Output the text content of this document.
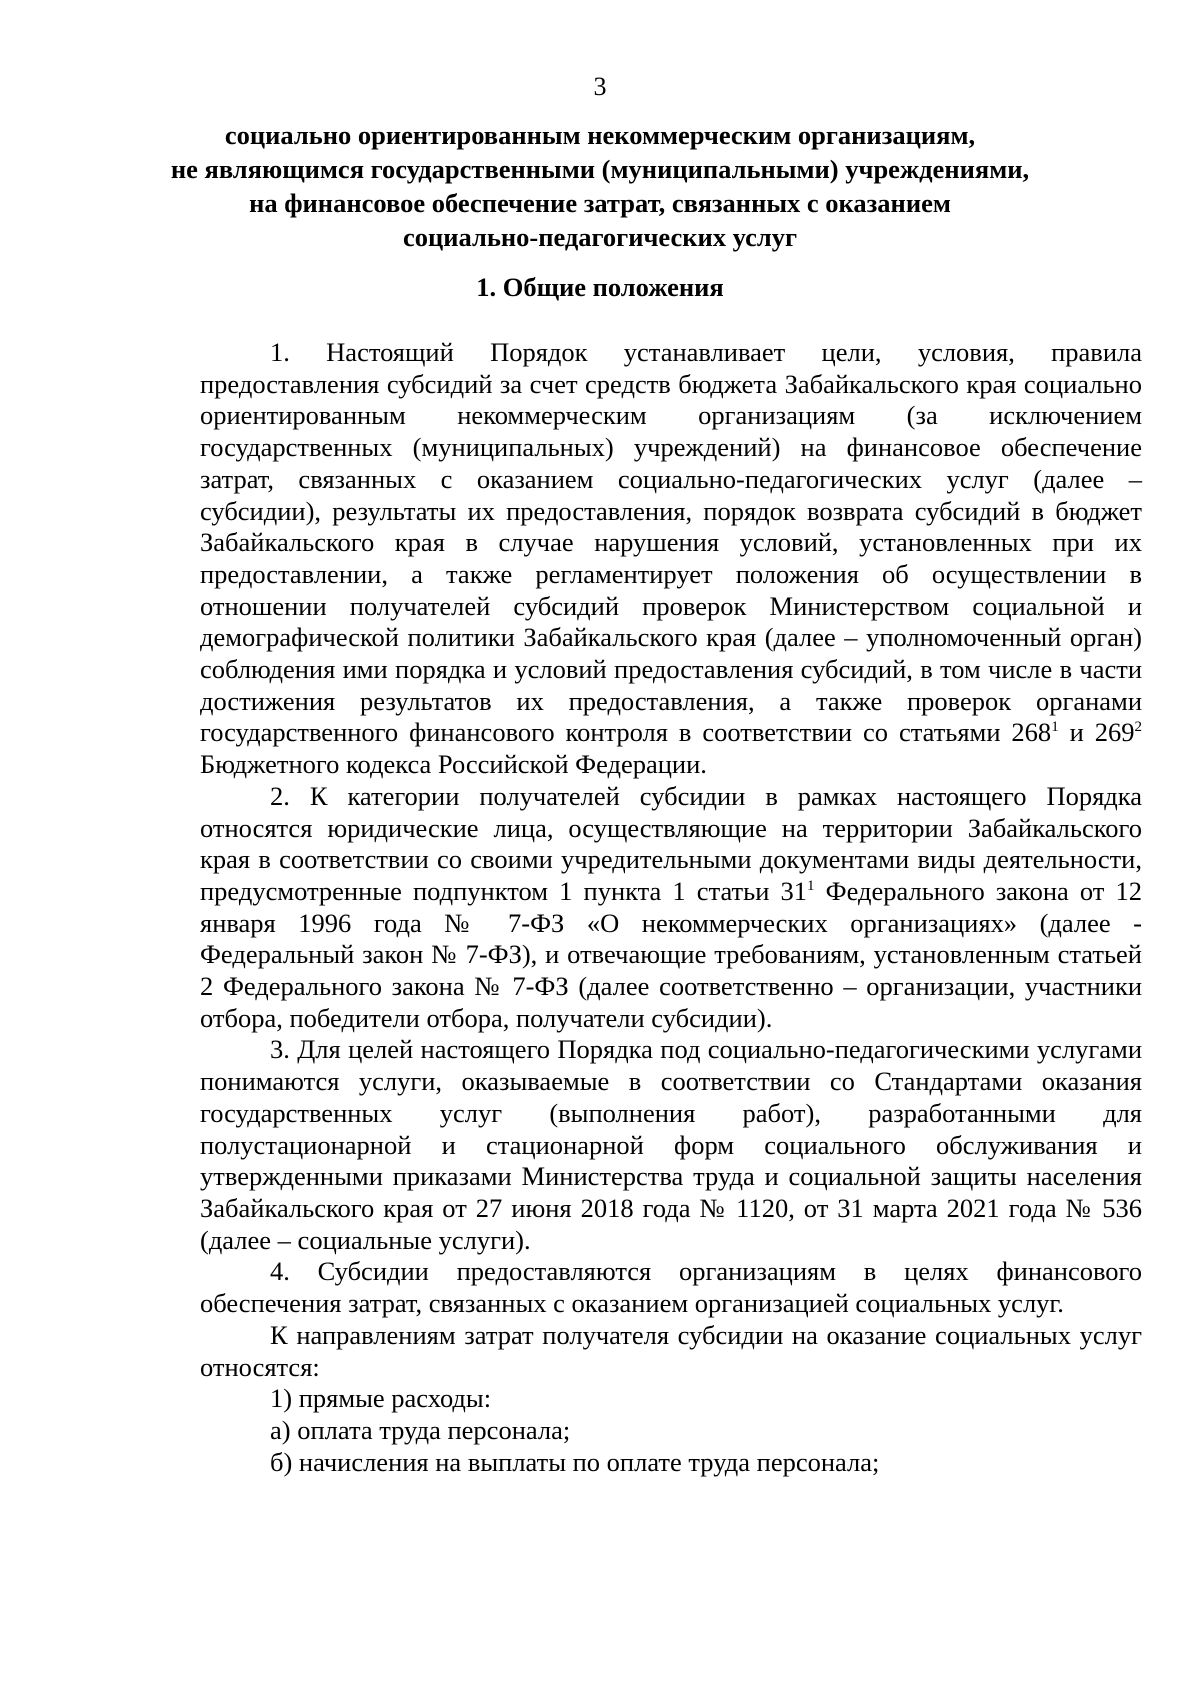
3
социально ориентированным некоммерческим организациям,
не являющимся государственными (муниципальными) учреждениями,
на финансовое обеспечение затрат, связанных с оказанием
социально-педагогических услуг
1. Общие положения

1. Настоящий Порядок устанавливает цели, условия, правила предоставления субсидий за счет средств бюджета Забайкальского края социально ориентированным некоммерческим организациям (за исключением государственных (муниципальных) учреждений) на финансовое обеспечение затрат, связанных с оказанием социально-педагогических услуг (далее – субсидии), результаты их предоставления, порядок возврата субсидий в бюджет Забайкальского края в случае нарушения условий, установленных при их предоставлении, а также регламентирует положения об осуществлении в отношении получателей субсидий проверок Министерством социальной и демографической политики Забайкальского края (далее – уполномоченный орган) соблюдения ими порядка и условий предоставления субсидий, в том числе в части достижения результатов их предоставления, а также проверок органами государственного финансового контроля в соответствии со статьями $268^1$ и $269^2$ Бюджетного кодекса Российской Федерации.

2. К категории получателей субсидии в рамках настоящего Порядка относятся юридические лица, осуществляющие на территории Забайкальского края в соответствии со своими учредительными документами виды деятельности, предусмотренные подпунктом 1 пункта 1 статьи $31^1$ Федерального закона от 12 января 1996 года № 7-ФЗ «О некоммерческих организациях» (далее - Федеральный закон № 7-ФЗ), и отвечающие требованиям, установленным статьей 2 Федерального закона № 7-ФЗ (далее соответственно – организации, участники отбора, победители отбора, получатели субсидии).

3. Для целей настоящего Порядка под социально-педагогическими услугами понимаются услуги, оказываемые в соответствии со Стандартами оказания государственных услуг (выполнения работ), разработанными для полустационарной и стационарной форм социального обслуживания и утвержденными приказами Министерства труда и социальной защиты населения Забайкальского края от 27 июня 2018 года № 1120, от 31 марта 2021 года № 536 (далее – социальные услуги).

4. Субсидии предоставляются организациям в целях финансового обеспечения затрат, связанных с оказанием организацией социальных услуг.

К направлениям затрат получателя субсидии на оказание социальных услуг относятся:

1) прямые расходы:

а) оплата труда персонала;

б) начисления на выплаты по оплате труда персонала;
